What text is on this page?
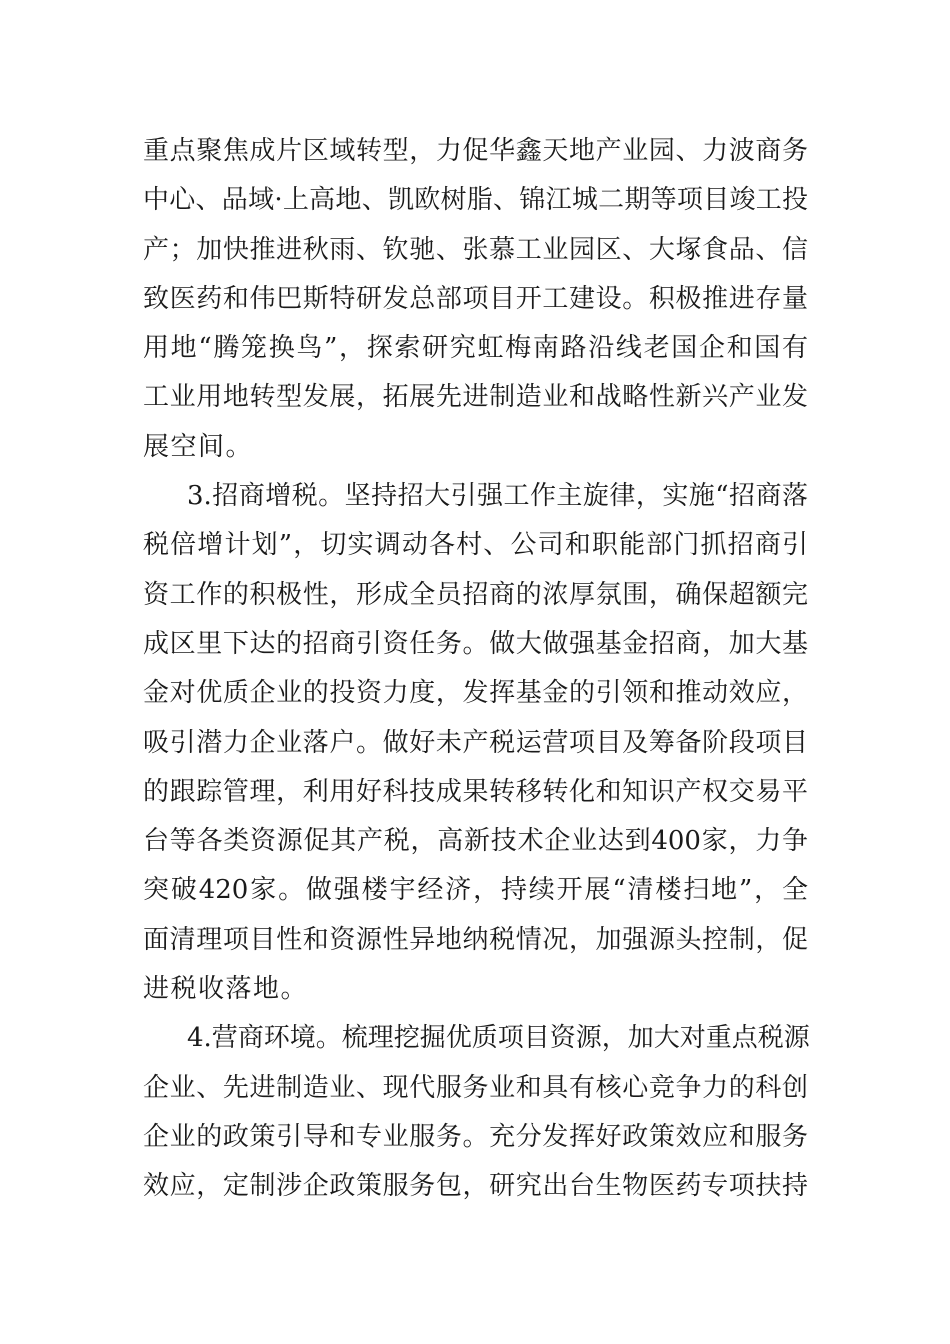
重点聚焦成片区域转型，力促华鑫天地产业园、力波商务
中心、品域·上高地、凯欧树脂、锦江城二期等项目竣工投
产；加快推进秋雨、钦驰、张慕工业园区、大塚食品、信
致医药和伟巴斯特研发总部项目开工建设。积极推进存量
用地“腾笼换鸟”，探索研究虹梅南路沿线老国企和国有
工业用地转型发展，拓展先进制造业和战略性新兴产业发
展空间。
3.招商增税。坚持招大引强工作主旋律，实施“招商落
税倍增计划”，切实调动各村、公司和职能部门抓招商引
资工作的积极性，形成全员招商的浓厚氛围，确保超额完
成区里下达的招商引资任务。做大做强基金招商，加大基
金对优质企业的投资力度，发挥基金的引领和推动效应，
吸引潜力企业落户。做好未产税运营项目及筹备阶段项目
的跟踪管理，利用好科技成果转移转化和知识产权交易平
台等各类资源促其产税，高新技术企业达到400家，力争
突破420家。做强楼宇经济，持续开展“清楼扫地”，全
面清理项目性和资源性异地纳税情况，加强源头控制，促
进税收落地。
4.营商环境。梳理挖掘优质项目资源，加大对重点税源
企业、先进制造业、现代服务业和具有核心竞争力的科创
企业的政策引导和专业服务。充分发挥好政策效应和服务
效应，定制涉企政策服务包，研究出台生物医药专项扶持
